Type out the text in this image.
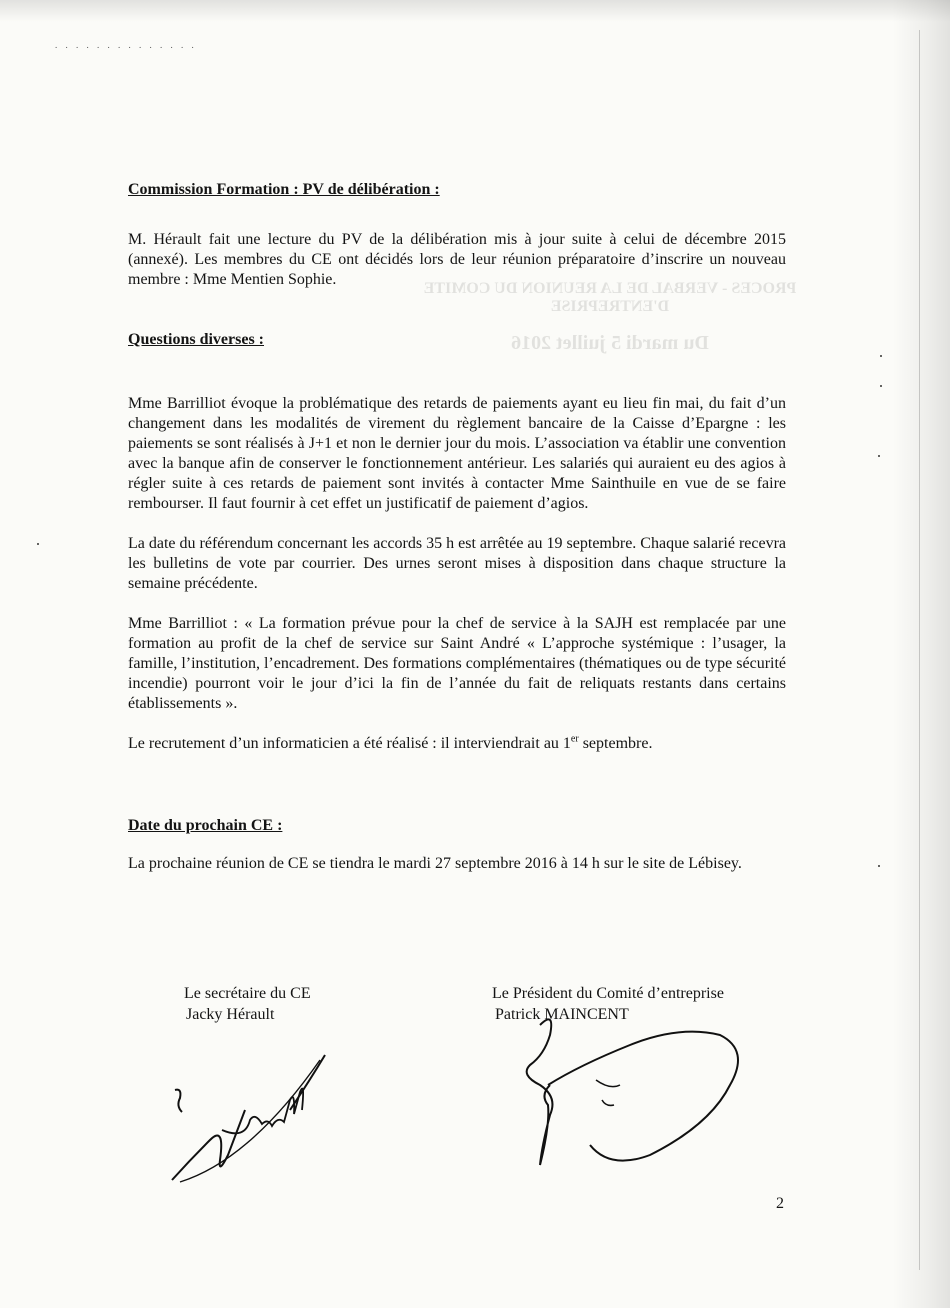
. . . . . . . . . . . . . .
PROCES - VERBAL DE LA REUNION DU COMITE D'ENTREPRISE
Du mardi 5 juillet 2016
Commission Formation : PV de délibération :

M. Hérault fait une lecture du PV de la délibération mis à jour suite à celui de décembre 2015 (annexé). Les membres du CE ont décidés lors de leur réunion préparatoire d’inscrire un nouveau membre : Mme Mentien Sophie.

Questions diverses :

Mme Barrilliot évoque la problématique des retards de paiements ayant eu lieu fin mai, du fait d’un changement dans les modalités de virement du règlement bancaire de la Caisse d’Epargne : les paiements se sont réalisés à J+1 et non le dernier jour du mois. L’association va établir une convention avec la banque afin de conserver le fonctionnement antérieur. Les salariés qui auraient eu des agios à régler suite à ces retards de paiement sont invités à contacter Mme Sainthuile en vue de se faire rembourser. Il faut fournir à cet effet un justificatif de paiement d’agios.

La date du référendum concernant les accords 35 h est arrêtée au 19 septembre. Chaque salarié recevra les bulletins de vote par courrier. Des urnes seront mises à disposition dans chaque structure la semaine précédente.

Mme Barrilliot : « La formation prévue pour la chef de service à la SAJH est remplacée par une formation au profit de la chef de service sur Saint André « L’approche systémique : l’usager, la famille, l’institution, l’encadrement. Des formations complémentaires (thématiques ou de type sécurité incendie) pourront voir le jour d’ici la fin de l’année du fait de reliquats restants dans certains établissements ».

Le recrutement d’un informaticien a été réalisé : il interviendrait au 1er septembre.

Date du prochain CE :

La prochaine réunion de CE se tiendra le mardi 27 septembre 2016 à 14 h sur le site de Lébisey.

Le secrétaire du CE
Jacky Hérault
Le Président du Comité d’entreprise
Patrick MAINCENT
2
